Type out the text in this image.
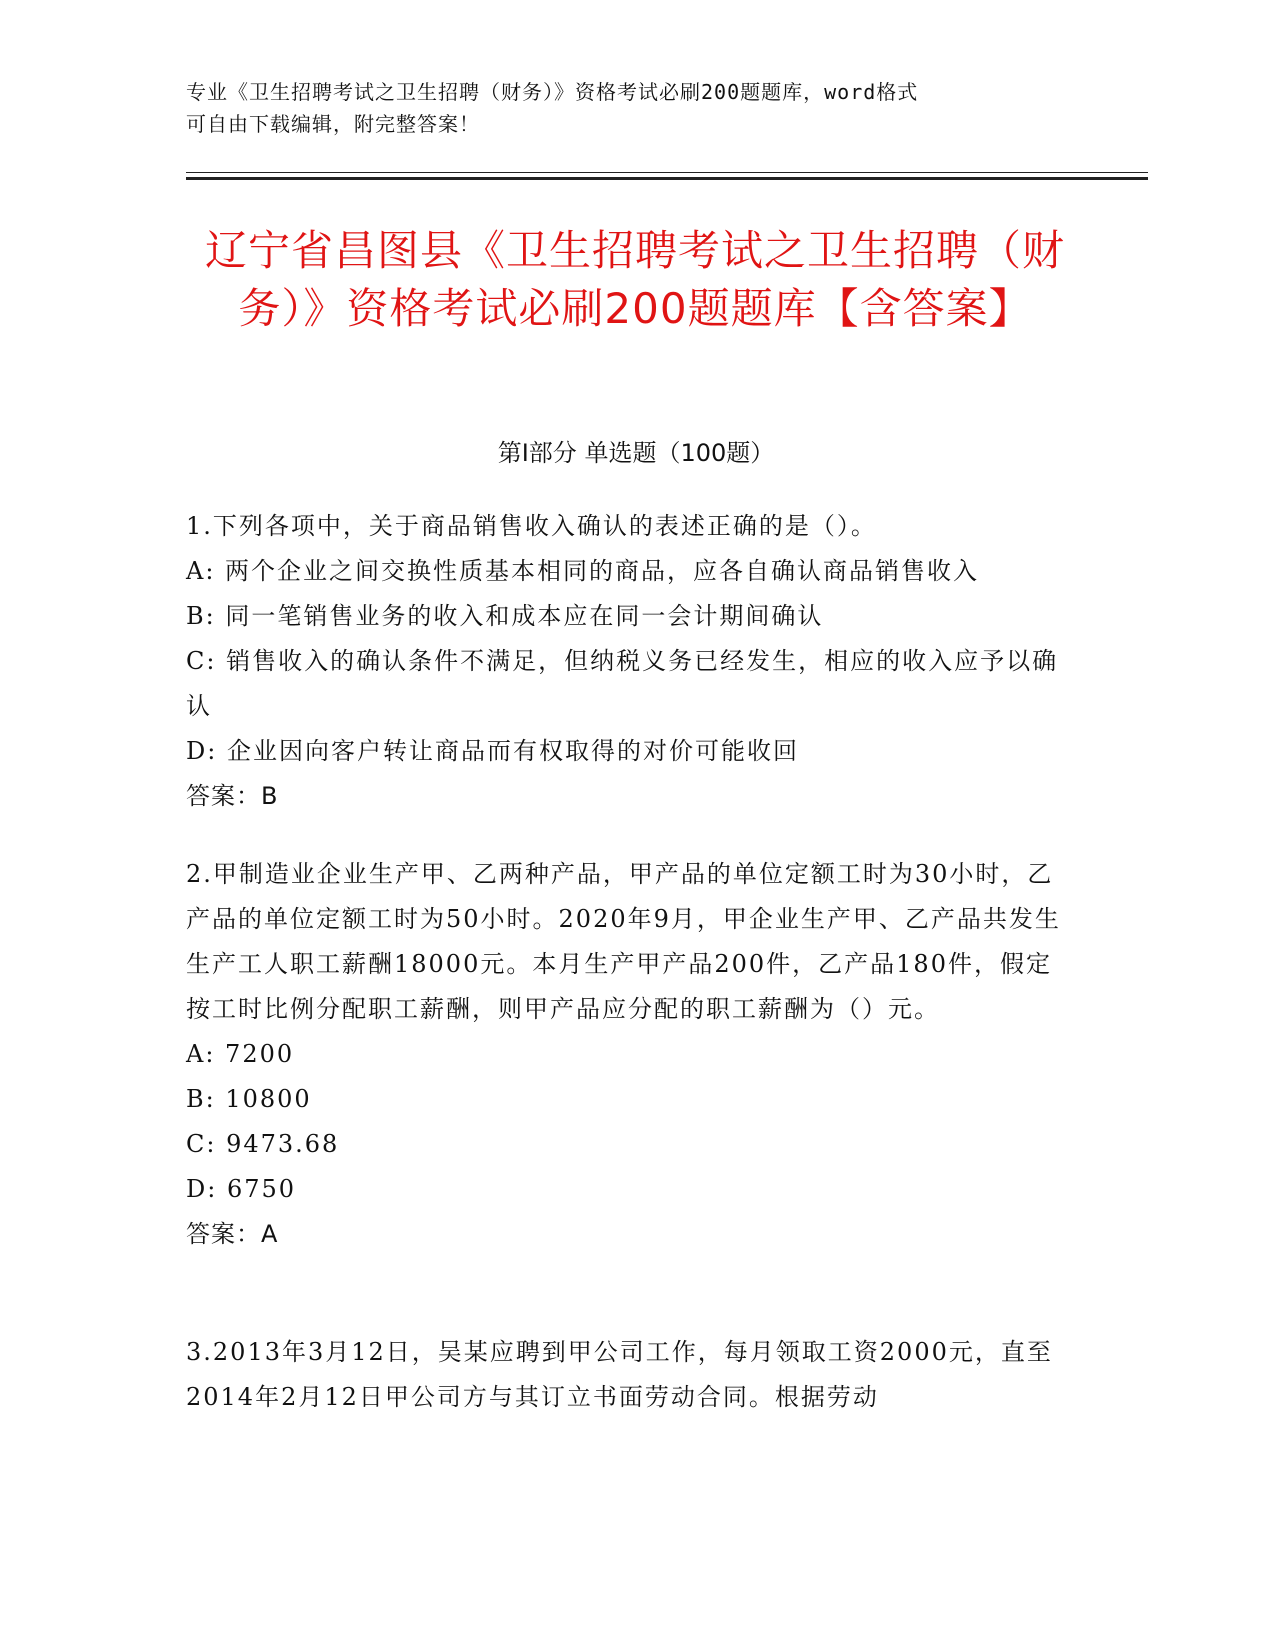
专业《卫生招聘考试之卫生招聘（财务）》资格考试必刷200题题库，word格式
可自由下载编辑，附完整答案！
辽宁省昌图县《卫生招聘考试之卫生招聘（财务）》资格考试必刷200题题库【含答案】
第I部分 单选题（100题）

1.下列各项中，关于商品销售收入确认的表述正确的是（）。

A: 两个企业之间交换性质基本相同的商品，应各自确认商品销售收入

B: 同一笔销售业务的收入和成本应在同一会计期间确认

C: 销售收入的确认条件不满足，但纳税义务已经发生，相应的收入应予以确认

D: 企业因向客户转让商品而有权取得的对价可能收回

答案：B

2.甲制造业企业生产甲、乙两种产品，甲产品的单位定额工时为30小时，乙产品的单位定额工时为50小时。2020年9月，甲企业生产甲、乙产品共发生生产工人职工薪酬18000元。本月生产甲产品200件，乙产品180件，假定按工时比例分配职工薪酬，则甲产品应分配的职工薪酬为（）元。

A: 7200

B: 10800

C: 9473.68

D: 6750

答案：A

3.2013年3月12日，吴某应聘到甲公司工作，每月领取工资2000元，直至2014年2月12日甲公司方与其订立书面劳动合同。根据劳动
